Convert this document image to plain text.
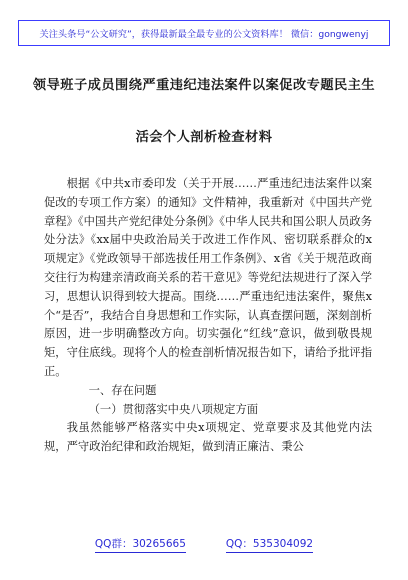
关注头条号“公文研究”，获得最新最全最专业的公文资料库！ 微信：gongwenyj
领导班子成员围绕严重违纪违法案件以案促改专题民主生
活会个人剖析检查材料

根据《中共x市委印发（关于开展……严重违纪违法案件以案促改的专项工作方案）的通知》文件精神，我重新对《中国共产党章程》《中国共产党纪律处分条例》《中华人民共和国公职人员政务处分法》《xx届中央政治局关于改进工作作风、密切联系群众的x项规定》《党政领导干部选拔任用工作条例》、x省《关于规范政商交往行为构建亲清政商关系的若干意见》等党纪法规进行了深入学习，思想认识得到较大提高。围绕……严重违纪违法案件，聚焦x个“是否”，我结合自身思想和工作实际，认真查摆问题，深刻剖析原因，进一步明确整改方向。切实强化“红线”意识，做到敬畏规矩，守住底线。现将个人的检查剖析情况报告如下，请给予批评指正。

一、存在问题

（一）贯彻落实中央八项规定方面

我虽然能够严格落实中央x项规定、党章要求及其他党内法规，严守政治纪律和政治规矩，做到清正廉洁、秉公

QQ群：30265665	QQ：535304092
